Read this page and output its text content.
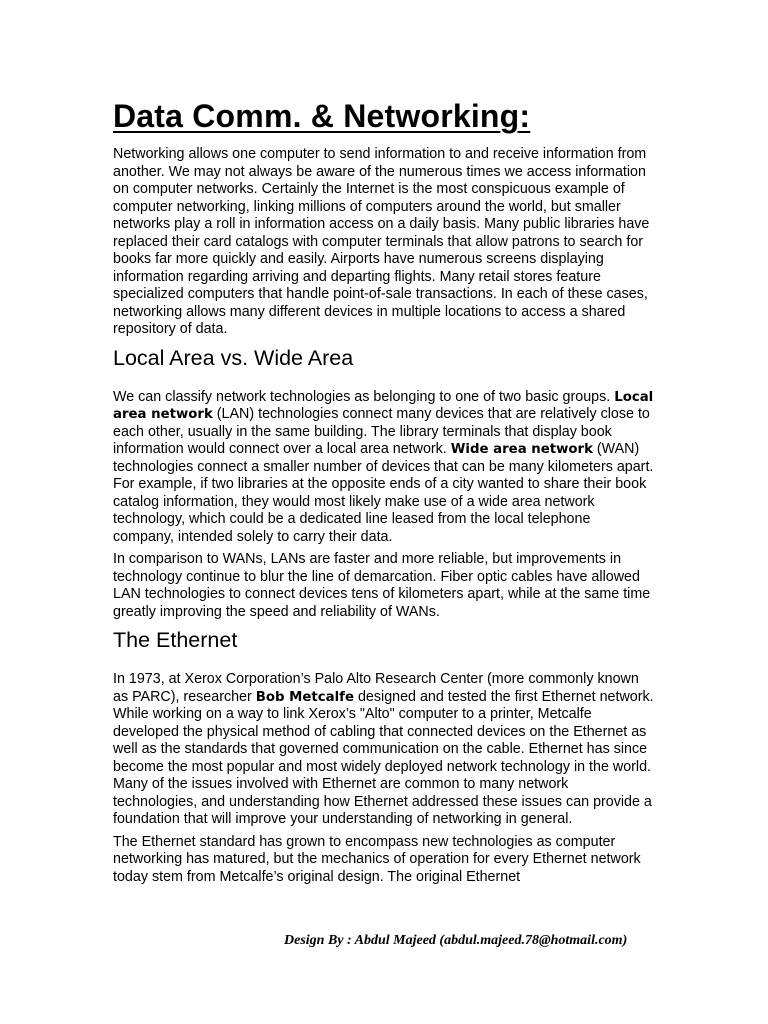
Data Comm. & Networking:

Networking allows one computer to send information to and receive information from another. We may not always be aware of the numerous times we access information on computer networks. Certainly the Internet is the most conspicuous example of computer networking, linking millions of computers around the world, but smaller networks play a roll in information access on a daily basis. Many public libraries have replaced their card catalogs with computer terminals that allow patrons to search for books far more quickly and easily. Airports have numerous screens displaying information regarding arriving and departing flights. Many retail stores feature specialized computers that handle point-of-sale transactions. In each of these cases, networking allows many different devices in multiple locations to access a shared repository of data.

Local Area vs. Wide Area

We can classify network technologies as belonging to one of two basic groups. Local area network (LAN) technologies connect many devices that are relatively close to each other, usually in the same building. The library terminals that display book information would connect over a local area network. Wide area network (WAN) technologies connect a smaller number of devices that can be many kilometers apart. For example, if two libraries at the opposite ends of a city wanted to share their book catalog information, they would most likely make use of a wide area network technology, which could be a dedicated line leased from the local telephone company, intended solely to carry their data.

In comparison to WANs, LANs are faster and more reliable, but improvements in technology continue to blur the line of demarcation. Fiber optic cables have allowed LAN technologies to connect devices tens of kilometers apart, while at the same time greatly improving the speed and reliability of WANs.

The Ethernet

In 1973, at Xerox Corporation’s Palo Alto Research Center (more commonly known as PARC), researcher Bob Metcalfe designed and tested the first Ethernet network. While working on a way to link Xerox’s "Alto" computer to a printer, Metcalfe developed the physical method of cabling that connected devices on the Ethernet as well as the standards that governed communication on the cable. Ethernet has since become the most popular and most widely deployed network technology in the world. Many of the issues involved with Ethernet are common to many network technologies, and understanding how Ethernet addressed these issues can provide a foundation that will improve your understanding of networking in general.

The Ethernet standard has grown to encompass new technologies as computer networking has matured, but the mechanics of operation for every Ethernet network today stem from Metcalfe’s original design. The original Ethernet

Design By : Abdul Majeed (abdul.majeed.78@hotmail.com)
